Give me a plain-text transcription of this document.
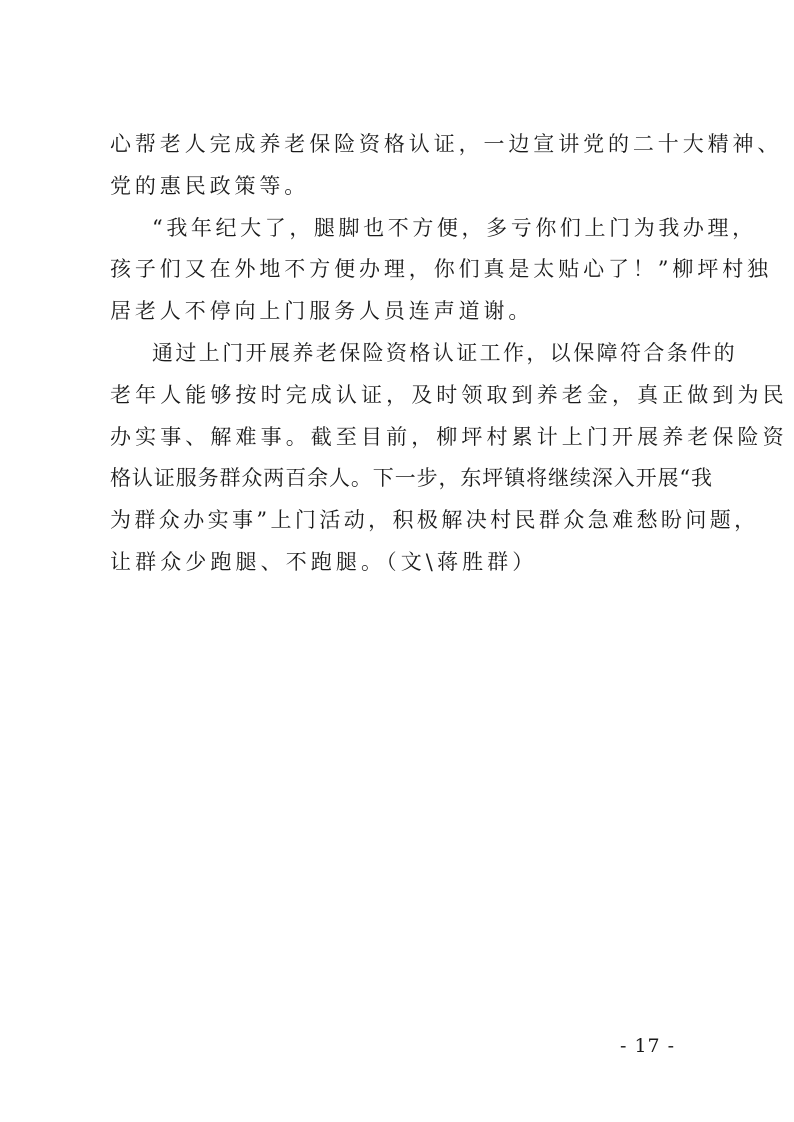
心帮老人完成养老保险资格认证，一边宣讲党的二十大精神、
党的惠民政策等。
“我年纪大了，腿脚也不方便，多亏你们上门为我办理，
孩子们又在外地不方便办理，你们真是太贴心了！”柳坪村独
居老人不停向上门服务人员连声道谢。
通过上门开展养老保险资格认证工作，以保障符合条件的
老年人能够按时完成认证，及时领取到养老金，真正做到为民
办实事、解难事。截至目前，柳坪村累计上门开展养老保险资
格认证服务群众两百余人。下一步，东坪镇将继续深入开展“我
为群众办实事”上门活动，积极解决村民群众急难愁盼问题，
让群众少跑腿、不跑腿。（文\蒋胜群）
- 17 -
